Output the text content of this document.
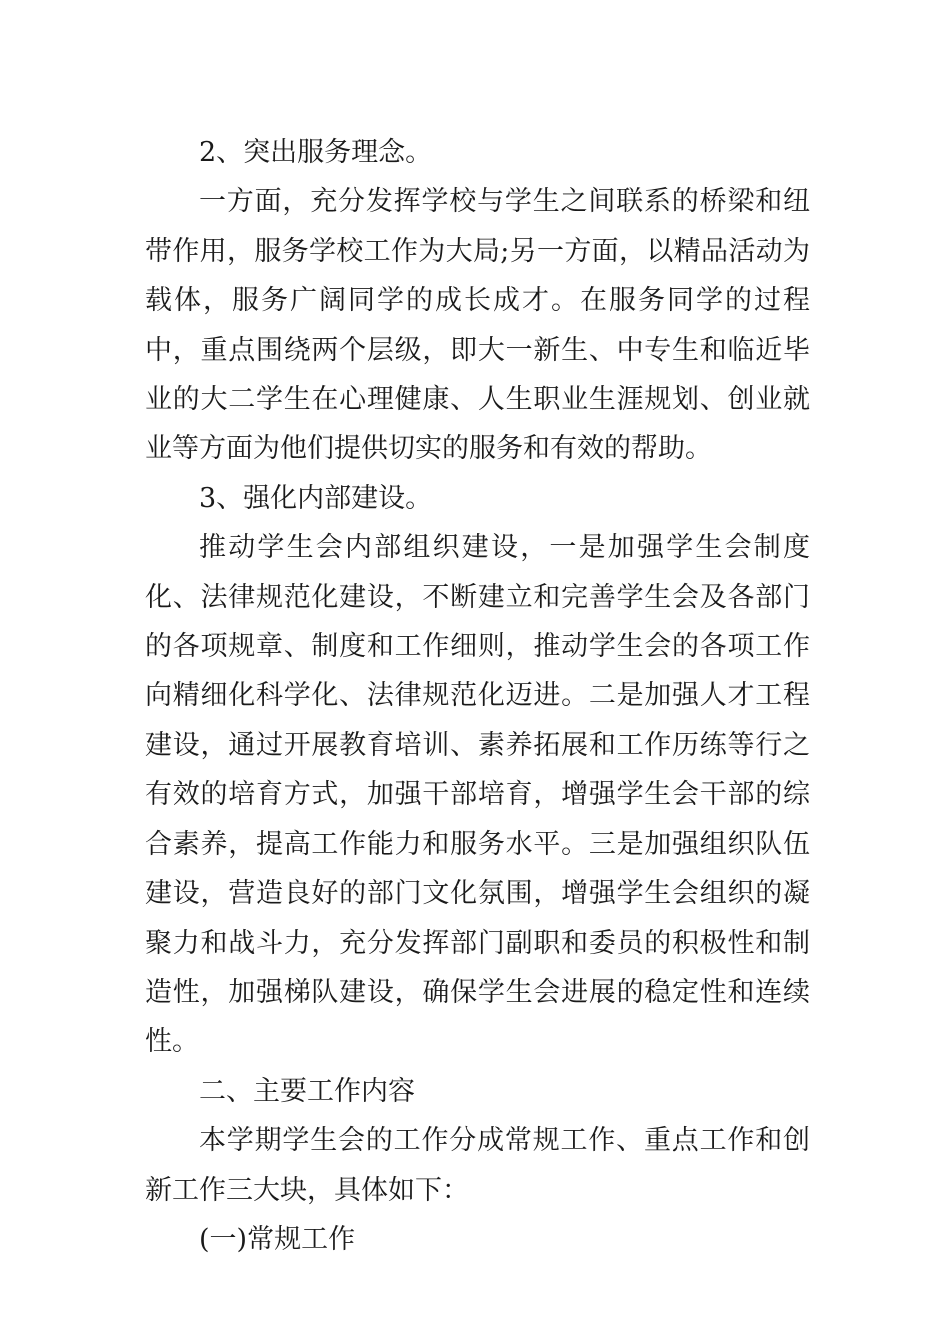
2、突出服务理念。

一方面，充分发挥学校与学生之间联系的桥梁和纽带作用，服务学校工作为大局;另一方面，以精品活动为载体，服务广阔同学的成长成才。在服务同学的过程中，重点围绕两个层级，即大一新生、中专生和临近毕业的大二学生在心理健康、人生职业生涯规划、创业就业等方面为他们提供切实的服务和有效的帮助。

3、强化内部建设。

推动学生会内部组织建设，一是加强学生会制度化、法律规范化建设，不断建立和完善学生会及各部门的各项规章、制度和工作细则，推动学生会的各项工作向精细化科学化、法律规范化迈进。二是加强人才工程建设，通过开展教育培训、素养拓展和工作历练等行之有效的培育方式，加强干部培育，增强学生会干部的综合素养，提高工作能力和服务水平。三是加强组织队伍建设，营造良好的部门文化氛围，增强学生会组织的凝聚力和战斗力，充分发挥部门副职和委员的积极性和制造性，加强梯队建设，确保学生会进展的稳定性和连续性。

二、主要工作内容

本学期学生会的工作分成常规工作、重点工作和创新工作三大块，具体如下：

(一)常规工作
